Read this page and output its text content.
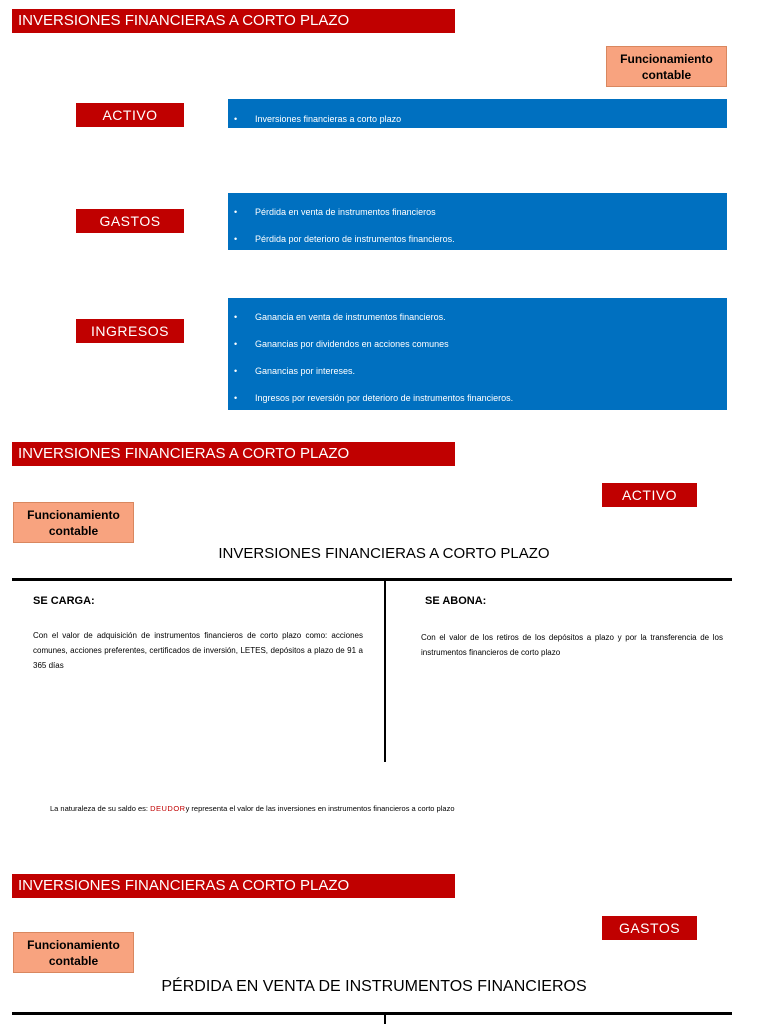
INVERSIONES FINANCIERAS A CORTO PLAZO
Funcionamiento contable
ACTIVO	• Inversiones financieras a corto plazo
GASTOS
• Pérdida en venta de instrumentos financieros
• Pérdida por deterioro de instrumentos financieros.
INGRESOS
• Ganancia en venta de instrumentos financieros.
• Ganancias por dividendos en acciones comunes
• Ganancias por intereses.
• Ingresos por reversión por deterioro de instrumentos financieros.
INVERSIONES FINANCIERAS A CORTO PLAZO
ACTIVO
Funcionamiento contable
INVERSIONES FINANCIERAS A CORTO PLAZO
SE CARGA:
Con el valor de adquisición de instrumentos financieros de corto plazo como: acciones comunes, acciones preferentes, certificados de inversión, LETES, depósitos a plazo de 91 a 365 días
SE ABONA:
Con el valor de los retiros de los depósitos a plazo y por la transferencia de los instrumentos financieros de corto plazo
La naturaleza de su saldo es: DEUDORy representa el valor de las inversiones en instrumentos financieros a corto plazo
INVERSIONES FINANCIERAS A CORTO PLAZO
GASTOS
Funcionamiento contable
PÉRDIDA EN VENTA DE INSTRUMENTOS FINANCIEROS
